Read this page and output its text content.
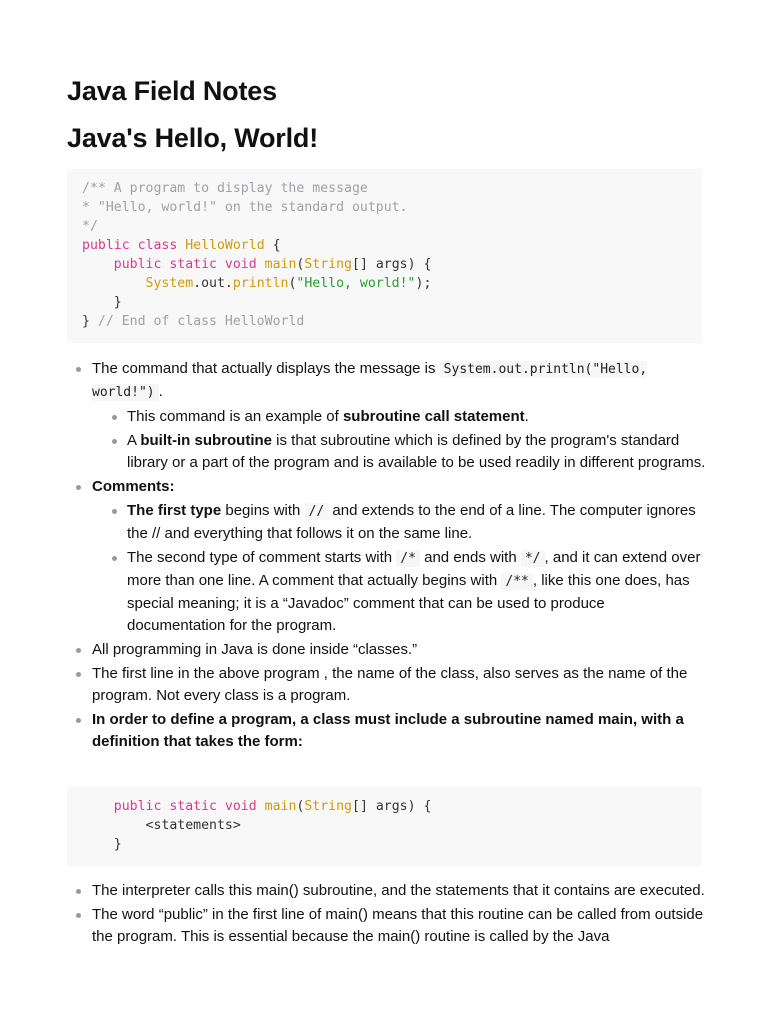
Java Field Notes
Java's Hello, World!
/** A program to display the message
* "Hello, world!" on the standard output.
*/
public class HelloWorld {
public static void main(String[] args) {
System.out.println("Hello, world!");
}
} // End of class HelloWorld
The command that actually displays the message is System.out.println("Hello, world!") .
This command is an example of subroutine call statement.
A built-in subroutine is that subroutine which is defined by the program's standard library or a part of the program and is available to be used readily in different programs.
Comments:
The first type begins with // and extends to the end of a line. The computer ignores the // and everything that follows it on the same line.
The second type of comment starts with /* and ends with */ , and it can extend over more than one line. A comment that actually begins with /** , like this one does, has special meaning; it is a “Javadoc” comment that can be used to produce documentation for the program.
All programming in Java is done inside “classes.”
The first line in the above program , the name of the class, also serves as the name of the program. Not every class is a program.
In order to define a program, a class must include a subroutine named main, with a definition that takes the form:
public static void main(String[] args) {
<statements>
}
The interpreter calls this main() subroutine, and the statements that it contains are executed.
The word “public” in the first line of main() means that this routine can be called from outside the program. This is essential because the main() routine is called by the Java
